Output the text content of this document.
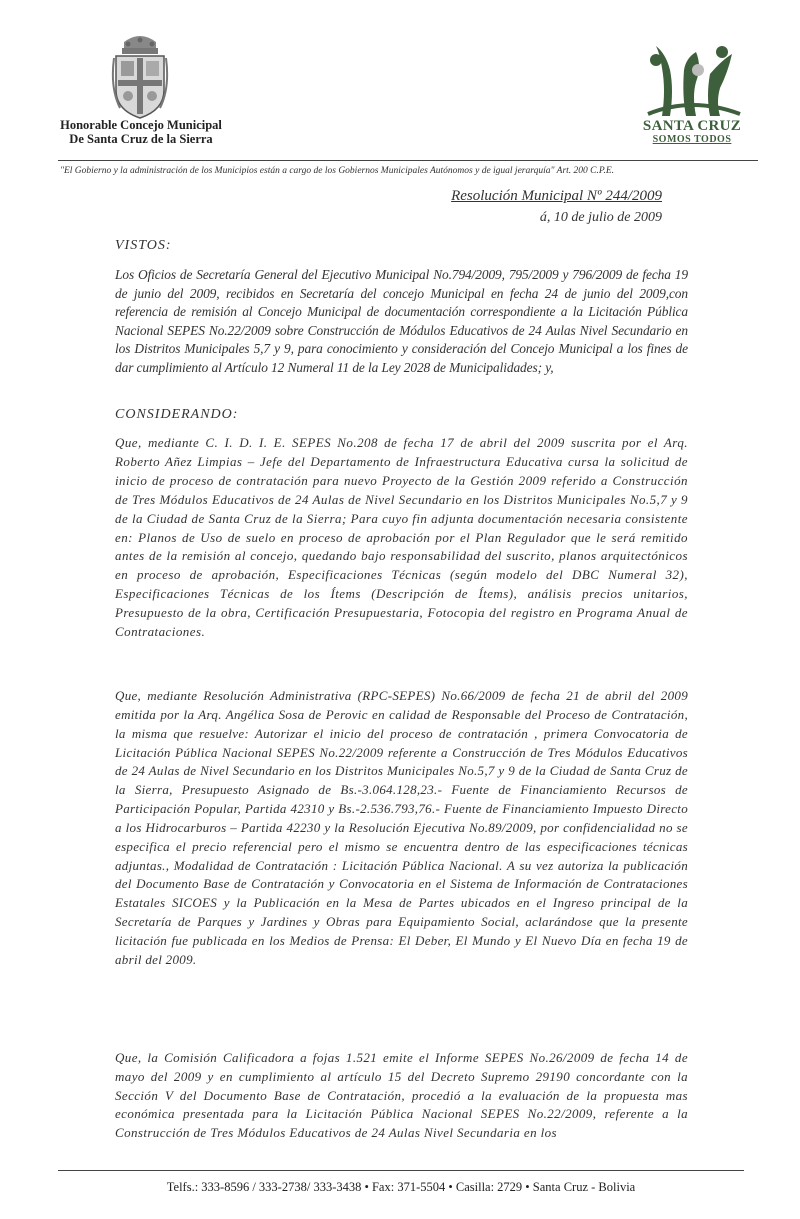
Honorable Concejo Municipal
De Santa Cruz de la Sierra
SANTA CRUZ
SOMOS TODOS
"El Gobierno y la administración de los Municipios están a cargo de los Gobiernos Municipales Autónomos y de igual jerarquía" Art. 200 C.P.E.
Resolución Municipal Nº 244/2009
á, 10 de julio de 2009
VISTOS:
Los Oficios de Secretaría General del Ejecutivo Municipal No.794/2009, 795/2009 y 796/2009 de fecha 19 de junio del 2009, recibidos en Secretaría del concejo Municipal en fecha 24 de junio del 2009,con referencia de remisión al Concejo Municipal de documentación correspondiente a la Licitación Pública Nacional SEPES No.22/2009 sobre Construcción de Módulos Educativos de 24 Aulas Nivel Secundario en los Distritos Municipales 5,7 y 9, para conocimiento y consideración del Concejo Municipal a los fines de dar cumplimiento al Artículo 12 Numeral 11 de la Ley 2028 de Municipalidades; y,
CONSIDERANDO:
Que, mediante C. I. D. I. E. SEPES No.208 de fecha 17 de abril del 2009 suscrita por el Arq. Roberto Añez Limpias – Jefe del Departamento de Infraestructura Educativa cursa la solicitud de inicio de proceso de contratación para nuevo Proyecto de la Gestión 2009 referido a Construcción de Tres Módulos Educativos de 24 Aulas de Nivel Secundario en los Distritos Municipales No.5,7 y 9 de la Ciudad de Santa Cruz de la Sierra; Para cuyo fin adjunta documentación necesaria consistente en: Planos de Uso de suelo en proceso de aprobación por el Plan Regulador que le será remitido antes de la remisión al concejo, quedando bajo responsabilidad del suscrito, planos arquitectónicos en proceso de aprobación, Especificaciones Técnicas (según modelo del DBC Numeral 32), Especificaciones Técnicas de los Ítems (Descripción de Ítems), análisis precios unitarios, Presupuesto de la obra, Certificación Presupuestaria, Fotocopia del registro en Programa Anual de Contrataciones.
Que, mediante Resolución Administrativa (RPC-SEPES) No.66/2009 de fecha 21 de abril del 2009 emitida por la Arq. Angélica Sosa de Perovic en calidad de Responsable del Proceso de Contratación, la misma que resuelve: Autorizar el inicio del proceso de contratación , primera Convocatoria de Licitación Pública Nacional SEPES No.22/2009 referente a Construcción de Tres Módulos Educativos de 24 Aulas de Nivel Secundario en los Distritos Municipales No.5,7 y 9 de la Ciudad de Santa Cruz de la Sierra, Presupuesto Asignado de Bs.-3.064.128,23.- Fuente de Financiamiento Recursos de Participación Popular, Partida 42310 y Bs.-2.536.793,76.- Fuente de Financiamiento Impuesto Directo a los Hidrocarburos – Partida 42230 y la Resolución Ejecutiva No.89/2009, por confidencialidad no se especifica el precio referencial pero el mismo se encuentra dentro de las especificaciones técnicas adjuntas., Modalidad de Contratación : Licitación Pública Nacional. A su vez autoriza la publicación del Documento Base de Contratación y Convocatoria en el Sistema de Información de Contrataciones Estatales SICOES y la Publicación en la Mesa de Partes ubicados en el Ingreso principal de la Secretaría de Parques y Jardines y Obras para Equipamiento Social, aclarándose que la presente licitación fue publicada en los Medios de Prensa: El Deber, El Mundo y El Nuevo Día en fecha 19 de abril del 2009.
Que, la Comisión Calificadora a fojas 1.521 emite el Informe SEPES No.26/2009 de fecha 14 de mayo del 2009 y en cumplimiento al artículo 15 del Decreto Supremo 29190 concordante con la Sección V del Documento Base de Contratación, procedió a la evaluación de la propuesta mas económica presentada para la Licitación Pública Nacional SEPES No.22/2009, referente a la Construcción de Tres Módulos Educativos de 24 Aulas Nivel Secundaria en los
Telfs.: 333-8596 / 333-2738/ 333-3438 • Fax: 371-5504 • Casilla: 2729 • Santa Cruz - Bolivia
